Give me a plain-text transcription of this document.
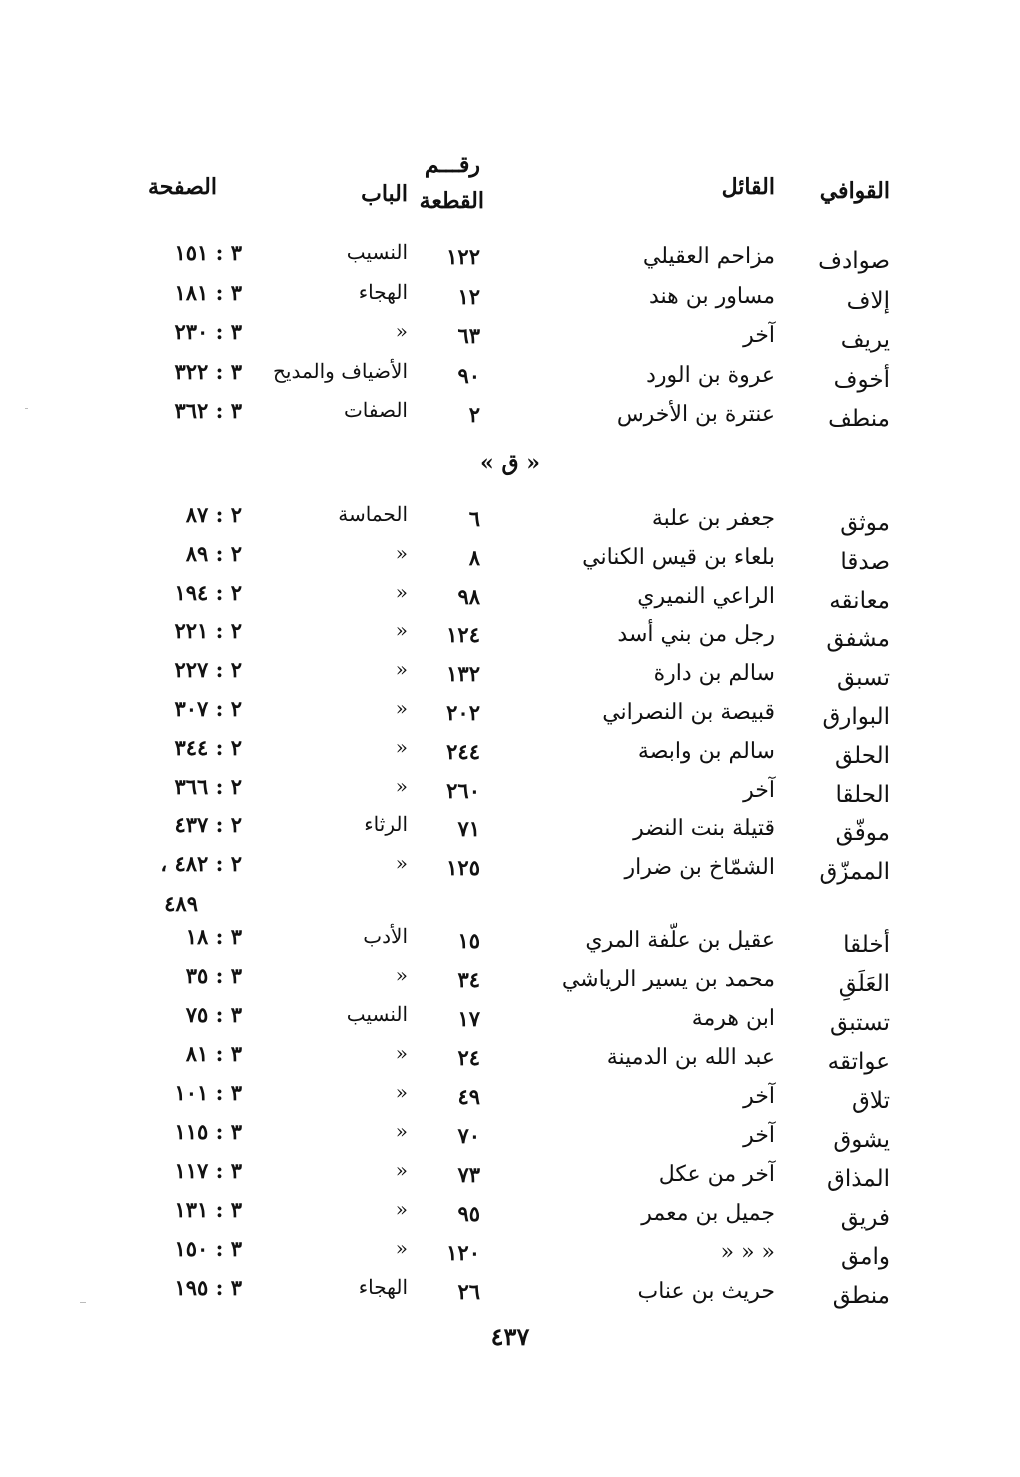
القوافي
القائل
رقـــم
القطعة
الباب
الصفحة
صوادف
مزاحم العقيلي
١٢٢
النسيب
٣ : ١٥١
إلاف
مساور بن هند
١٢
الهجاء
٣ : ١٨١
يريف
آخر
٦٣
»
٣ : ٢٣٠
أخوف
عروة بن الورد
٩٠
الأضياف والمديح
٣ : ٣٢٢
منطف
عنترة بن الأخرس
٢
الصفات
٣ : ٣٦٢
« ق »
موثق
جعفر بن علبة
٦
الحماسة
٢ : ٨٧
صدقا
بلعاء بن قيس الكناني
٨
»
٢ : ٨٩
معانقه
الراعي النميري
٩٨
»
٢ : ١٩٤
مشفق
رجل من بني أسد
١٢٤
»
٢ : ٢٢١
تسبق
سالم بن دارة
١٣٢
»
٢ : ٢٢٧
البوارق
قبيصة بن النصراني
٢٠٢
»
٢ : ٣٠٧
الحلق
سالم بن وابصة
٢٤٤
»
٢ : ٣٤٤
الحلقا
آخر
٢٦٠
»
٢ : ٣٦٦
موفّق
قتيلة بنت النضر
٧١
الرثاء
٢ : ٤٣٧
الممزّق
الشمّاخ بن ضرار
١٢٥
»
٢ : ٤٨٢ ،
٤٨٩
أخلقا
عقيل بن علّفة المري
١٥
الأدب
٣ : ١٨
العَلَقِ
محمد بن يسير الرياشي
٣٤
»
٣ : ٣٥
تستبق
ابن هرمة
١٧
النسيب
٣ : ٧٥
عواتقه
عبد الله بن الدمينة
٢٤
»
٣ : ٨١
تلاق
آخر
٤٩
»
٣ : ١٠١
يشوق
آخر
٧٠
»
٣ : ١١٥
المذاق
آخر من عكل
٧٣
»
٣ : ١١٧
فريق
جميل بن معمر
٩٥
»
٣ : ١٣١
وامق
» » »
١٢٠
»
٣ : ١٥٠
منطق
حريث بن عناب
٢٦
الهجاء
٣ : ١٩٥
٤٣٧
